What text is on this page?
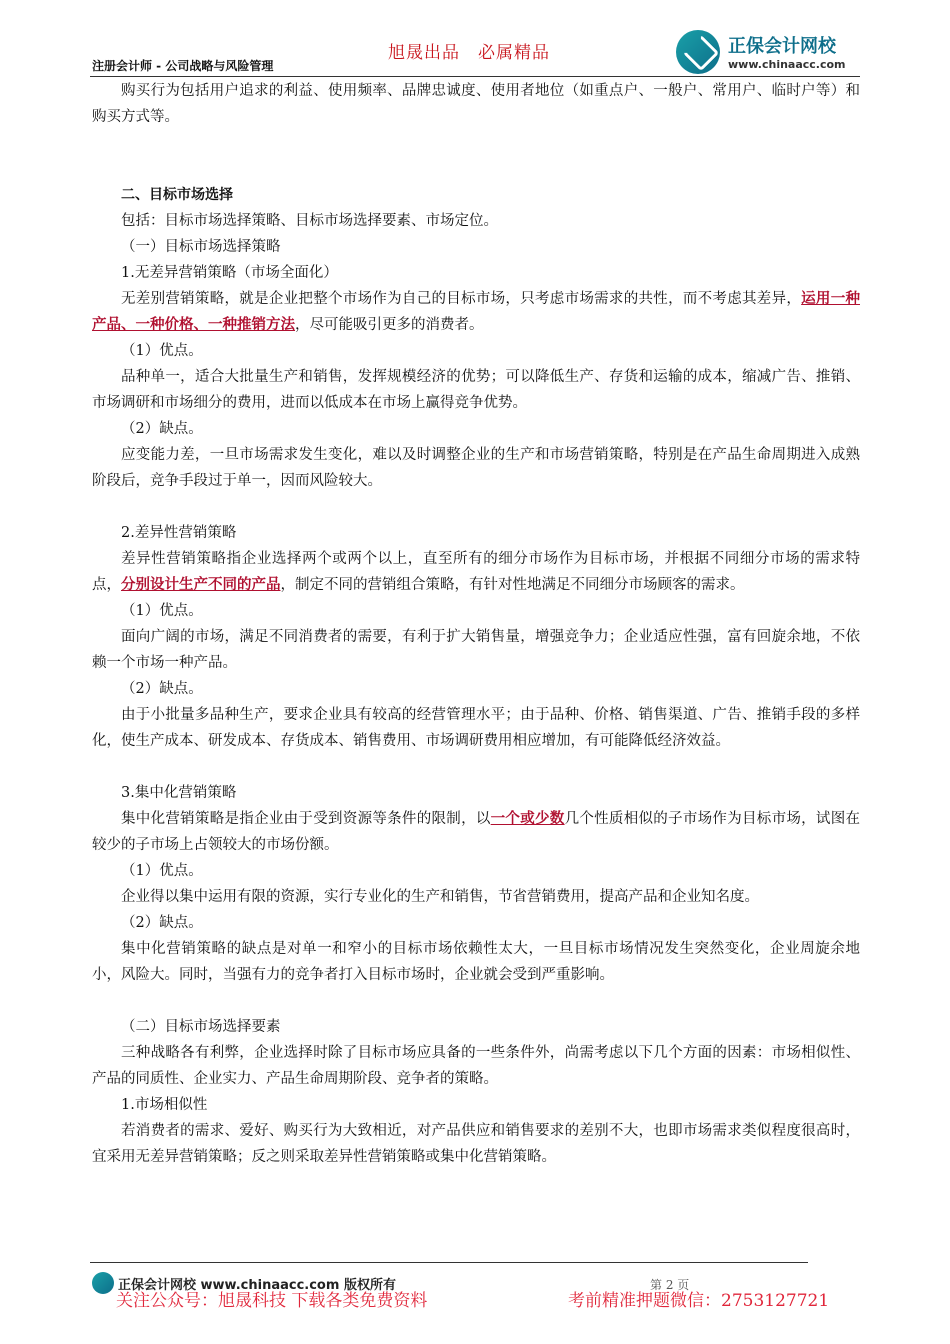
注册会计师 - 公司战略与风险管理
旭晟出品　必属精品	正保会计网校
www.chinaacc.com

购买行为包括用户追求的利益、使用频率、品牌忠诚度、使用者地位（如重点户、一般户、常用户、临时户等）和购买方式等。

二、目标市场选择

包括：目标市场选择策略、目标市场选择要素、市场定位。

（一）目标市场选择策略

1.无差异营销策略（市场全面化）

无差别营销策略，就是企业把整个市场作为自己的目标市场，只考虑市场需求的共性，而不考虑其差异，运用一种产品、一种价格、一种推销方法，尽可能吸引更多的消费者。

（1）优点。

品种单一，适合大批量生产和销售，发挥规模经济的优势；可以降低生产、存货和运输的成本，缩减广告、推销、市场调研和市场细分的费用，进而以低成本在市场上赢得竞争优势。

（2）缺点。

应变能力差，一旦市场需求发生变化，难以及时调整企业的生产和市场营销策略，特别是在产品生命周期进入成熟阶段后，竞争手段过于单一，因而风险较大。

2.差异性营销策略

差异性营销策略指企业选择两个或两个以上，直至所有的细分市场作为目标市场，并根据不同细分市场的需求特点，分别设计生产不同的产品，制定不同的营销组合策略，有针对性地满足不同细分市场顾客的需求。

（1）优点。

面向广阔的市场，满足不同消费者的需要，有利于扩大销售量，增强竞争力；企业适应性强，富有回旋余地，不依赖一个市场一种产品。

（2）缺点。

由于小批量多品种生产，要求企业具有较高的经营管理水平；由于品种、价格、销售渠道、广告、推销手段的多样化，使生产成本、研发成本、存货成本、销售费用、市场调研费用相应增加，有可能降低经济效益。

3.集中化营销策略

集中化营销策略是指企业由于受到资源等条件的限制，以一个或少数几个性质相似的子市场作为目标市场，试图在较少的子市场上占领较大的市场份额。

（1）优点。

企业得以集中运用有限的资源，实行专业化的生产和销售，节省营销费用，提高产品和企业知名度。

（2）缺点。

集中化营销策略的缺点是对单一和窄小的目标市场依赖性太大，一旦目标市场情况发生突然变化，企业周旋余地小，风险大。同时，当强有力的竞争者打入目标市场时，企业就会受到严重影响。

（二）目标市场选择要素

三种战略各有利弊，企业选择时除了目标市场应具备的一些条件外，尚需考虑以下几个方面的因素：市场相似性、产品的同质性、企业实力、产品生命周期阶段、竞争者的策略。

1.市场相似性

若消费者的需求、爱好、购买行为大致相近，对产品供应和销售要求的差别不大，也即市场需求类似程度很高时，宜采用无差异营销策略；反之则采取差异性营销策略或集中化营销策略。

正保会计网校 www.chinaacc.com 版权所有	第 2 页
关注公众号：旭晟科技 下载各类免费资料	考前精准押题微信：2753127721
